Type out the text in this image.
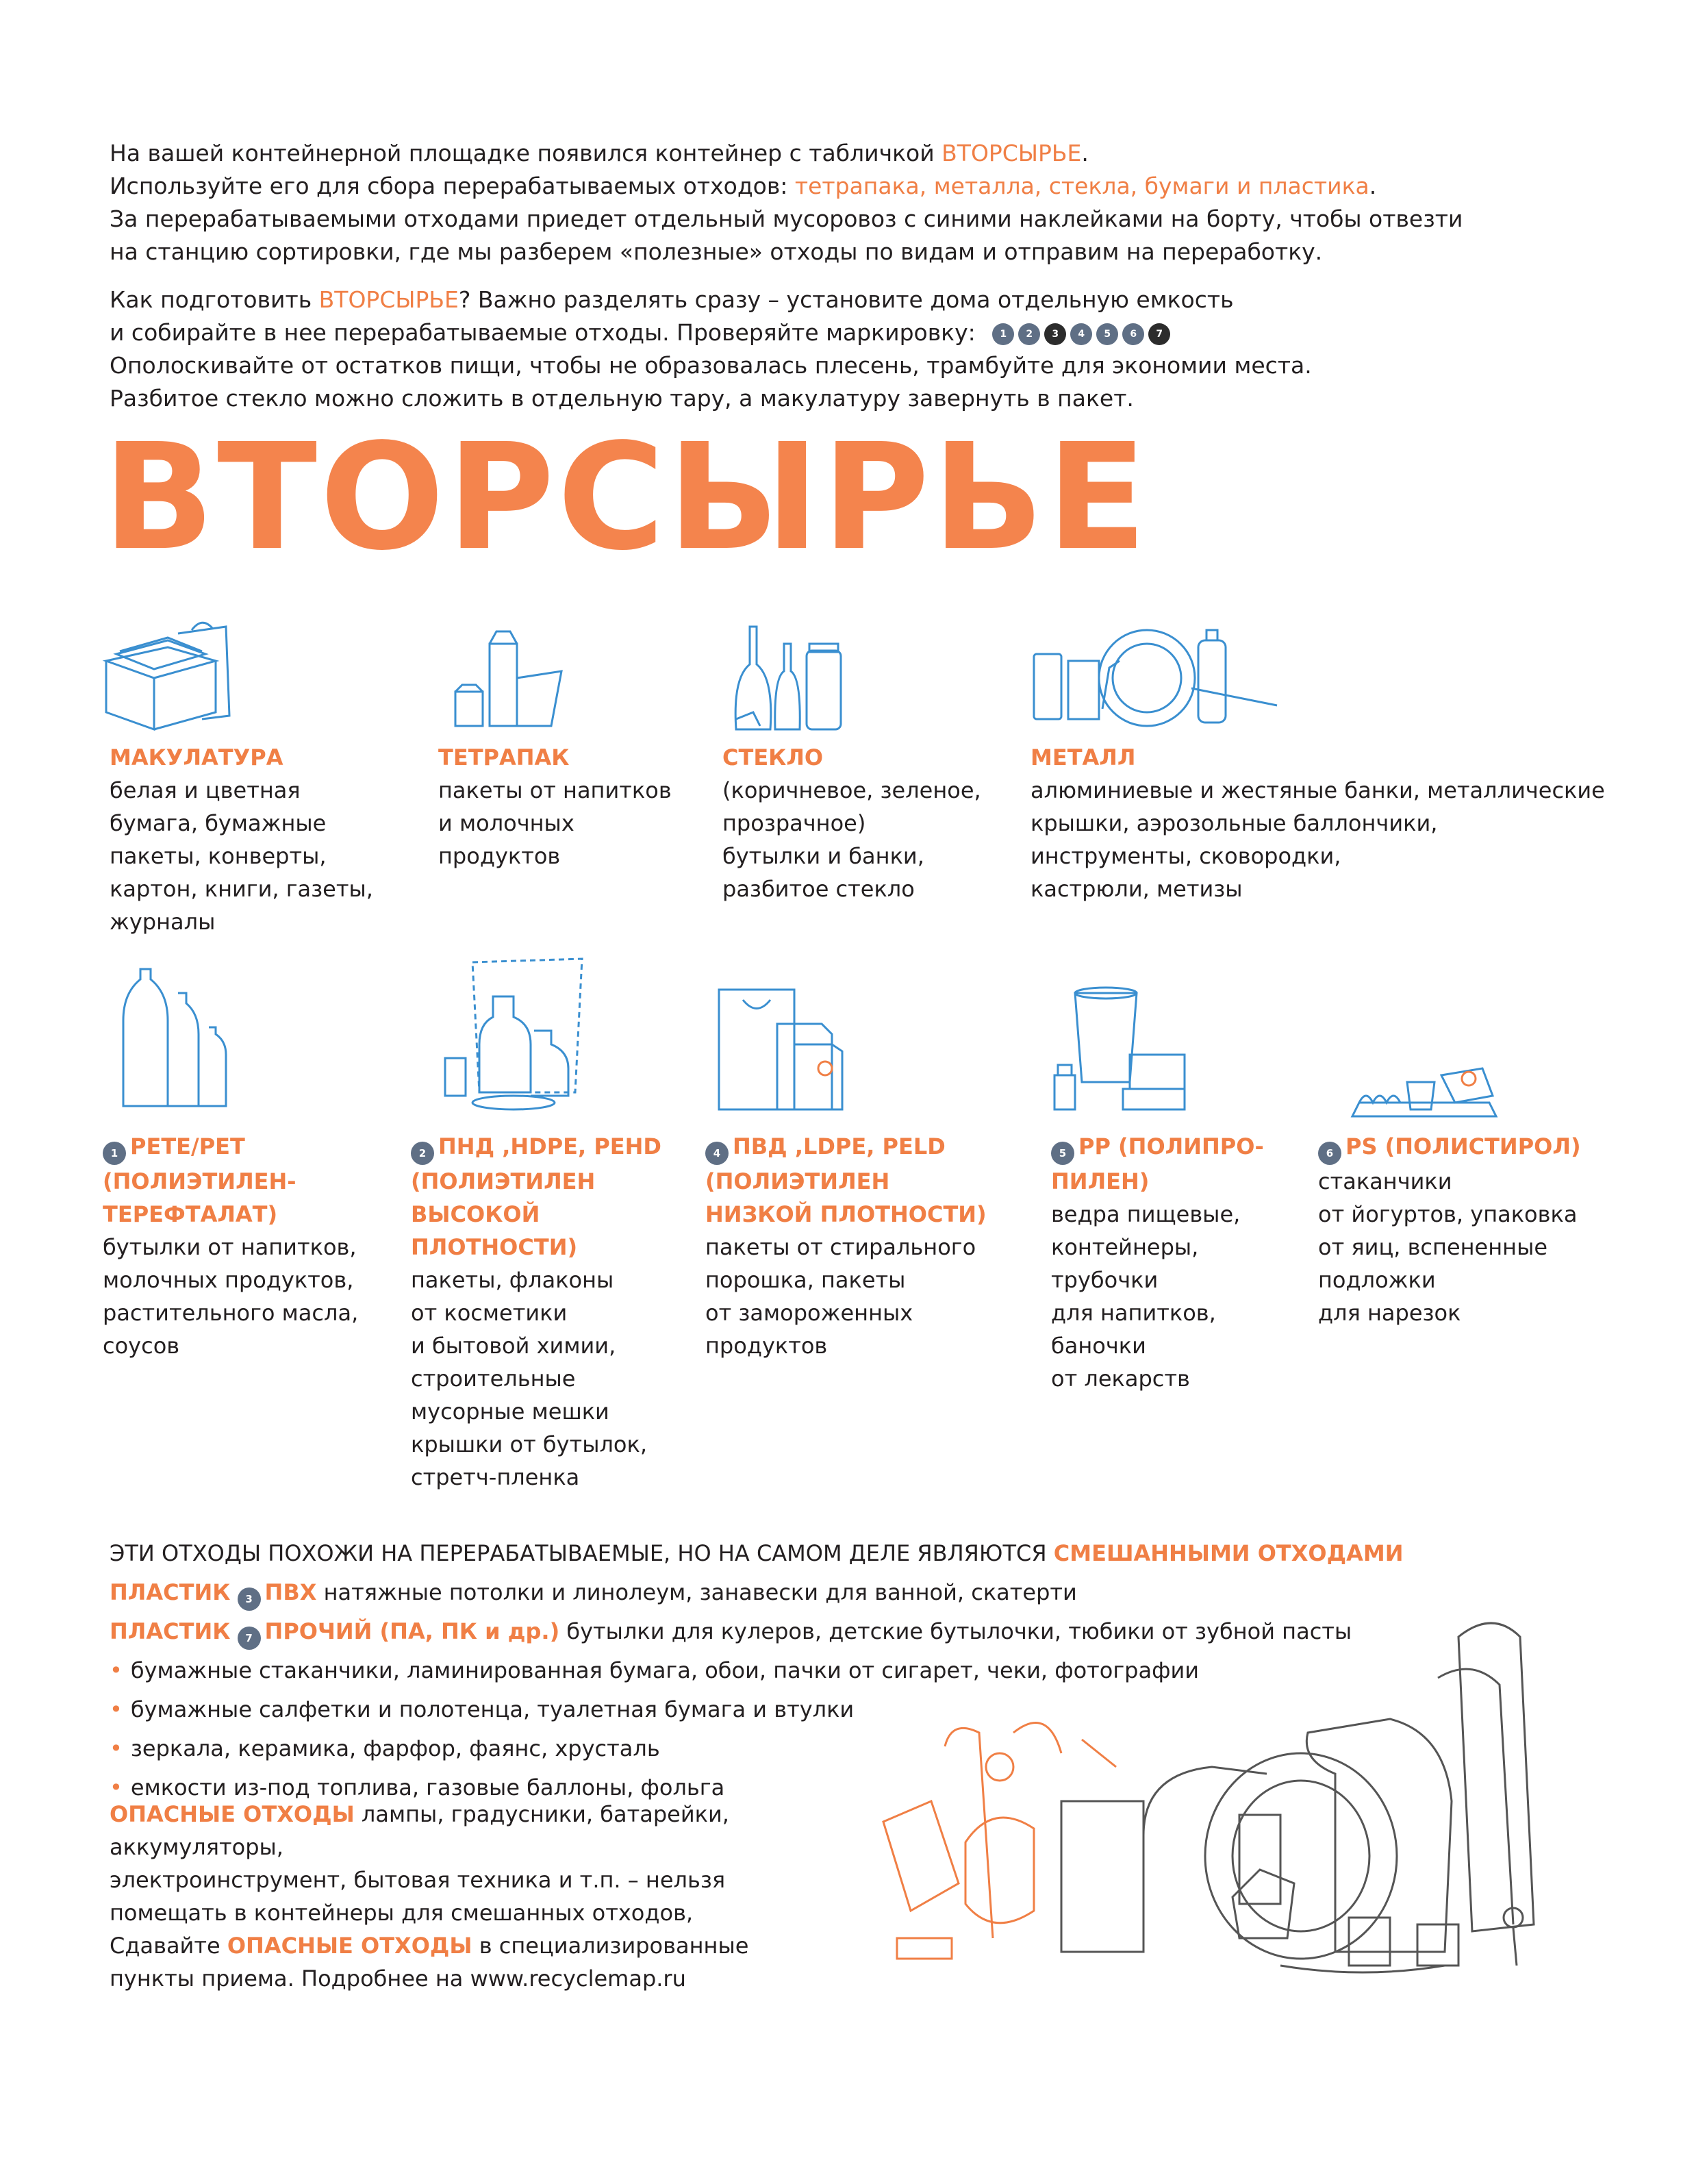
На вашей контейнерной площадке появился контейнер с табличкой ВТОРСЫРЬЕ.

Используйте его для сбора перерабатываемых отходов: тетрапака, металла, стекла, бумаги и пластика.

За перерабатываемыми отходами приедет отдельный мусоровоз с синими наклейками на борту, чтобы отвезти

на станцию сортировки, где мы разберем «полезные» отходы по видам и отправим на переработку.

Как подготовить ВТОРСЫРЬЕ? Важно разделять сразу – установите дома отдельную емкость

и собирайте в нее перерабатываемые отходы. Проверяйте маркировку:	1	2	3	4	5	6	7

Ополоскивайте от остатков пищи, чтобы не образовалась плесень, трамбуйте для экономии места.

Разбитое стекло можно сложить в отдельную тару, а макулатуру завернуть в пакет.

ВТОРСЫРЬЕ
МАКУЛАТУРА
белая и цветная
бумага, бумажные
пакеты, конверты,
картон, книги, газеты,
журналы
ТЕТРАПАК
пакеты от напитков
и молочных
продуктов
СТЕКЛО
(коричневое, зеленое,
прозрачное)
бутылки и банки,
разбитое стекло
МЕТАЛЛ
алюминиевые и жестяные банки, металлические
крышки, аэрозольные баллончики,
инструменты, сковородки,
кастрюли, метизы
1 PETE/PET
(ПОЛИЭТИЛЕН-
ТЕРЕФТАЛАТ)
бутылки от напитков,
молочных продуктов,
растительного масла,
соусов
2 ПНД ,HDPE, PEHD
(ПОЛИЭТИЛЕН
ВЫСОКОЙ
ПЛОТНОСТИ)
пакеты, флаконы
от косметики
и бытовой химии,
строительные
мусорные мешки
крышки от бутылок,
стретч-пленка
4 ПВД ,LDPE, PELD
(ПОЛИЭТИЛЕН
НИЗКОЙ ПЛОТНОСТИ)
пакеты от стирального
порошка, пакеты
от замороженных
продуктов
5 PP (ПОЛИПРО-
ПИЛЕН)
ведра пищевые,
контейнеры,
трубочки
для напитков,
баночки
от лекарств
6 PS (ПОЛИСТИРОЛ)
стаканчики
от йогуртов, упаковка
от яиц, вспененные
подложки
для нарезок
ЭТИ ОТХОДЫ ПОХОЖИ НА ПЕРЕРАБАТЫВАЕМЫЕ, НО НА САМОМ ДЕЛЕ ЯВЛЯЮТСЯ СМЕШАННЫМИ ОТХОДАМИ
ПЛАСТИК 3 ПВХ натяжные потолки и линолеум, занавески для ванной, скатерти
ПЛАСТИК 7 ПРОЧИЙ (ПА, ПК и др.) бутылки для кулеров, детские бутылочки, тюбики от зубной пасты
• бумажные стаканчики, ламинированная бумага, обои, пачки от сигарет, чеки, фотографии
• бумажные салфетки и полотенца, туалетная бумага и втулки
• зеркала, керамика, фарфор, фаянс, хрусталь
• емкости из-под топлива, газовые баллоны, фольга
ОПАСНЫЕ ОТХОДЫ лампы, градусники, батарейки, аккумуляторы,
электроинструмент, бытовая техника и т.п. – нельзя
помещать в контейнеры для смешанных отходов,
Сдавайте ОПАСНЫЕ ОТХОДЫ в специализированные
пункты приема. Подробнее на www.recyclemap.ru
